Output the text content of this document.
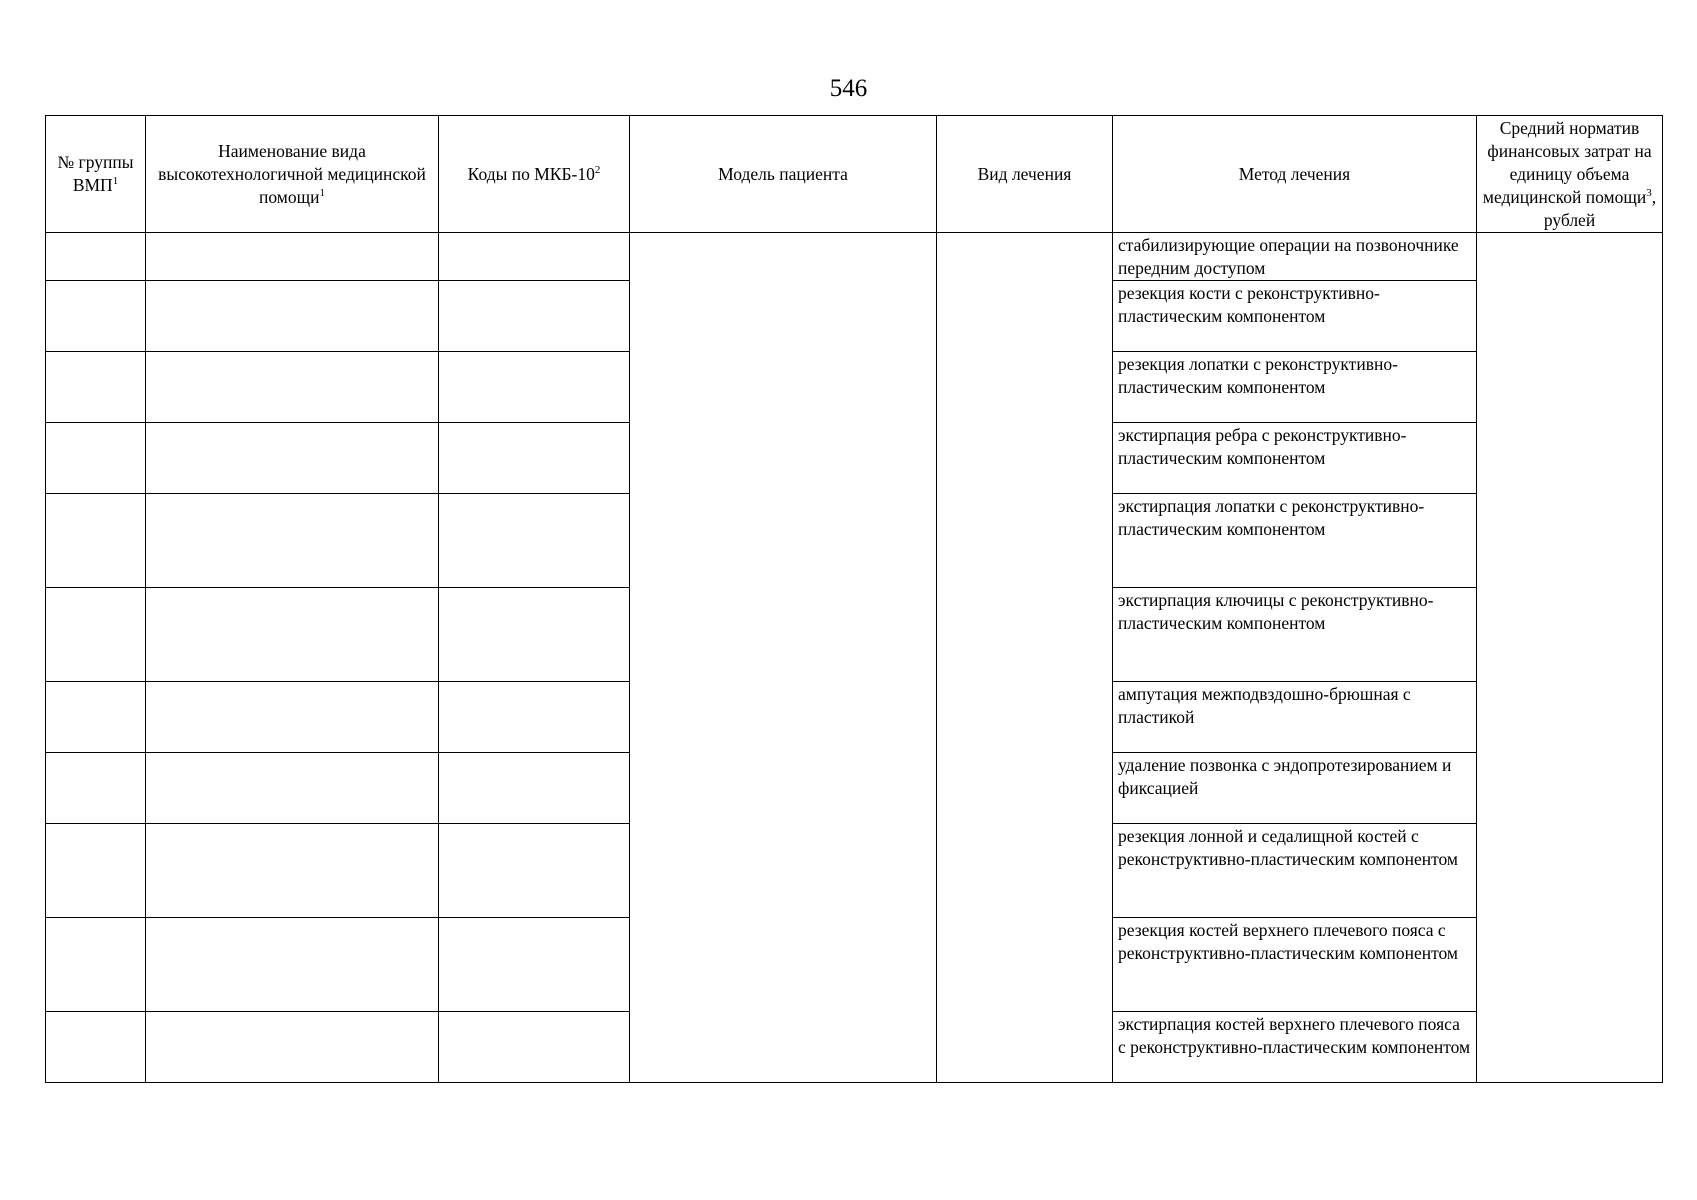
546
№ группы ВМП$^1$	Наименование вида высокотехнологичной медицинской помощи$^1$	Коды по МКБ-$10^2$	Модель пациента	Вид лечения	Метод лечения	Средний норматив финансовых затрат на единицу объема медицинской помощи$^3$, рублей
					стабилизирующие операции на позвоночнике передним доступом	
					резекция кости с реконструктивно-пластическим компонентом	
					резекция лопатки с реконструктивно-пластическим компонентом	
					экстирпация ребра с реконструктивно-пластическим компонентом	
					экстирпация лопатки с реконструктивно-пластическим компонентом	
					экстирпация ключицы с реконструктивно-пластическим компонентом	
					ампутация межподвздошно-брюшная с пластикой	
					удаление позвонка с эндопротезированием и фиксацией	
					резекция лонной и седалищной костей с реконструктивно-пластическим компонентом	
					резекция костей верхнего плечевого пояса с реконструктивно-пластическим компонентом	
					экстирпация костей верхнего плечевого пояса с реконструктивно-пластическим компонентом	
